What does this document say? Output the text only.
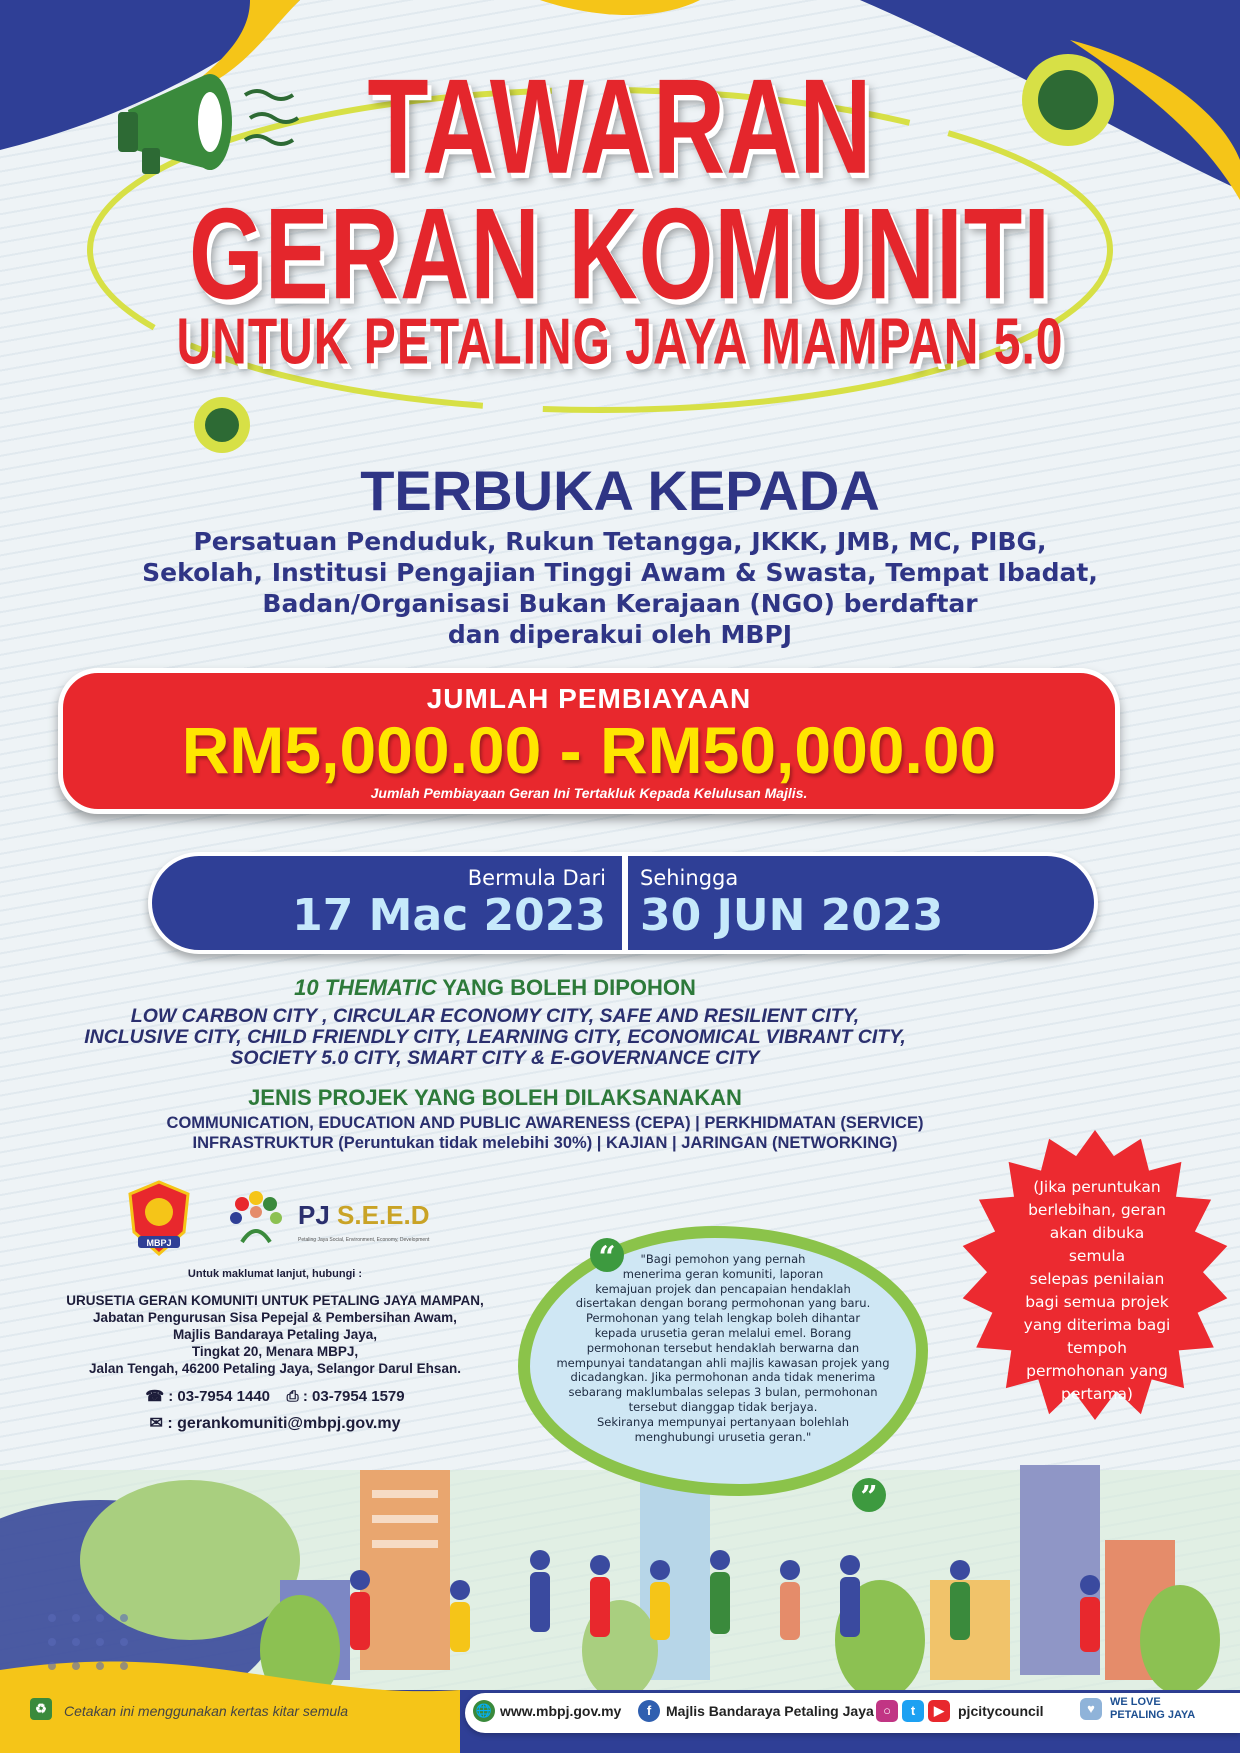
TAWARAN
GERAN KOMUNITI
UNTUK PETALING JAYA MAMPAN 5.0
TERBUKA KEPADA
Persatuan Penduduk, Rukun Tetangga, JKKK, JMB, MC, PIBG,
Sekolah, Institusi Pengajian Tinggi Awam & Swasta, Tempat Ibadat,
Badan/Organisasi Bukan Kerajaan (NGO) berdaftar
dan diperakui oleh MBPJ
JUMLAH PEMBIAYAAN
RM5,000.00 - RM50,000.00
Jumlah Pembiayaan Geran Ini Tertakluk Kepada Kelulusan Majlis.
Bermula Dari
17 Mac 2023
Sehingga
30 JUN 2023
10 THEMATIC YANG BOLEH DIPOHON
LOW CARBON CITY , CIRCULAR ECONOMY CITY, SAFE AND RESILIENT CITY,
INCLUSIVE CITY, CHILD FRIENDLY CITY, LEARNING CITY, ECONOMICAL VIBRANT CITY,
SOCIETY 5.0 CITY, SMART CITY & E-GOVERNANCE CITY
JENIS PROJEK YANG BOLEH DILAKSANAKAN
COMMUNICATION, EDUCATION AND PUBLIC AWARENESS (CEPA) | PERKHIDMATAN (SERVICE)
INFRASTRUKTUR (Peruntukan tidak melebihi 30%) | KAJIAN | JARINGAN (NETWORKING)
MBPJ
PJ S.E.E.D
Petaling Jaya Social, Environment, Economy, Development
Untuk maklumat lanjut, hubungi :
URUSETIA GERAN KOMUNITI UNTUK PETALING JAYA MAMPAN,
Jabatan Pengurusan Sisa Pepejal & Pembersihan Awam,
Majlis Bandaraya Petaling Jaya,
Tingkat 20, Menara MBPJ,
Jalan Tengah, 46200 Petaling Jaya, Selangor Darul Ehsan.
☎ : 03-7954 1440 ⎙ : 03-7954 1579
✉ : gerankomuniti@mbpj.gov.my
“
”
"Bagi pemohon yang pernah
menerima geran komuniti, laporan
kemajuan projek dan pencapaian hendaklah
disertakan dengan borang permohonan yang baru.
Permohonan yang telah lengkap boleh dihantar
kepada urusetia geran melalui emel. Borang
permohonan tersebut hendaklah berwarna dan
mempunyai tandatangan ahli majlis kawasan projek yang
dicadangkan. Jika permohonan anda tidak menerima
sebarang maklumbalas selepas 3 bulan, permohonan
tersebut dianggap tidak berjaya.
Sekiranya mempunyai pertanyaan bolehlah
menghubungi urusetia geran."
(Jika peruntukan
berlebihan, geran
akan dibuka semula
selepas penilaian
bagi semua projek
yang diterima bagi
tempoh
permohonan yang
pertama)
♻	Cetakan ini menggunakan kertas kitar semula	🌐 www.mbpj.gov.my	f	Majlis Bandaraya Petaling Jaya ○	t	▶	pjcitycouncil	♥	WE LOVE
PETALING JAYA
